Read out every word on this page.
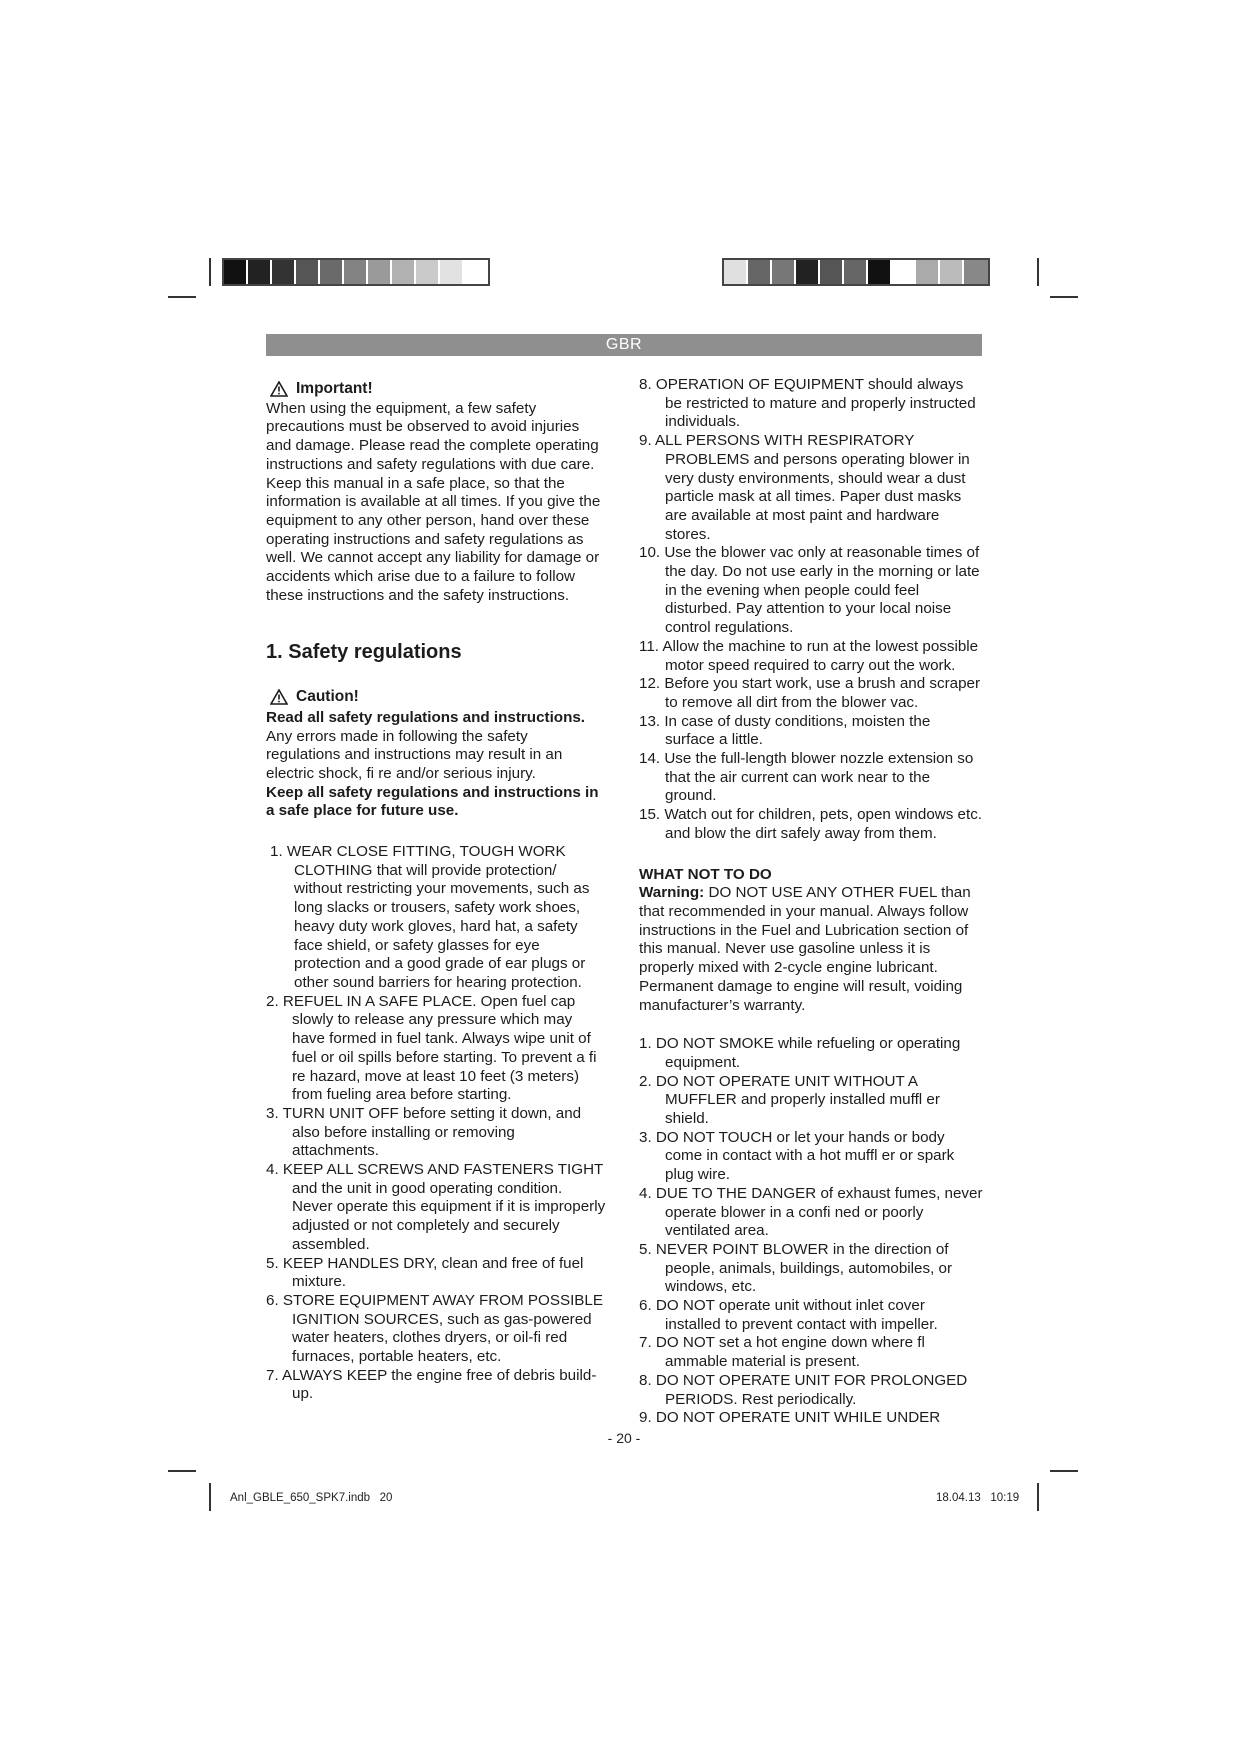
GBR
Important!

When using the equipment, a few safety precautions must be observed to avoid injuries and damage. Please read the complete operating instructions and safety regulations with due care. Keep this manual in a safe place, so that the information is available at all times. If you give the equipment to any other person, hand over these operating instructions and safety regulations as well. We cannot accept any liability for damage or accidents which arise due to a failure to follow these instructions and the safety instructions.

1. Safety regulations
Caution!

Read all safety regulations and instructions.

Any errors made in following the safety regulations and instructions may result in an electric shock, fi re and/or serious injury.

Keep all safety regulations and instructions in a safe place for future use.

1. WEAR CLOSE FITTING, TOUGH WORK CLOTHING that will provide protection/ without restricting your movements, such as long slacks or trousers, safety work shoes, heavy duty work gloves, hard hat, a safety face shield, or safety glasses for eye protection and a good grade of ear plugs or other sound barriers for hearing protection.
2. REFUEL IN A SAFE PLACE. Open fuel cap slowly to release any pressure which may have formed in fuel tank. Always wipe unit of fuel or oil spills before starting. To prevent a fi re hazard, move at least 10 feet (3 meters) from fueling area before starting.
3. TURN UNIT OFF before setting it down, and also before installing or removing attachments.
4. KEEP ALL SCREWS AND FASTENERS TIGHT and the unit in good operating condition. Never operate this equipment if it is improperly adjusted or not completely and securely assembled.
5. KEEP HANDLES DRY, clean and free of fuel mixture.
6. STORE EQUIPMENT AWAY FROM POSSIBLE IGNITION SOURCES, such as gas-powered water heaters, clothes dryers, or oil-fi red furnaces, portable heaters, etc.
7. ALWAYS KEEP the engine free of debris build-up.
8. OPERATION OF EQUIPMENT should always be restricted to mature and properly instructed individuals.
9. ALL PERSONS WITH RESPIRATORY PROBLEMS and persons operating blower in very dusty environments, should wear a dust particle mask at all times. Paper dust masks are available at most paint and hardware stores.
10. Use the blower vac only at reasonable times of the day. Do not use early in the morning or late in the evening when people could feel disturbed. Pay attention to your local noise control regulations.
11. Allow the machine to run at the lowest possible motor speed required to carry out the work.
12. Before you start work, use a brush and scraper to remove all dirt from the blower vac.
13. In case of dusty conditions, moisten the surface a little.
14. Use the full-length blower nozzle extension so that the air current can work near to the ground.
15. Watch out for children, pets, open windows etc. and blow the dirt safely away from them.

WHAT NOT TO DO

Warning: DO NOT USE ANY OTHER FUEL than that recommended in your manual. Always follow instructions in the Fuel and Lubrication section of this manual. Never use gasoline unless it is properly mixed with 2-cycle engine lubricant. Permanent damage to engine will result, voiding manufacturer’s warranty.

1. DO NOT SMOKE while refueling or operating equipment.
2. DO NOT OPERATE UNIT WITHOUT A MUFFLER and properly installed muffl er shield.
3. DO NOT TOUCH or let your hands or body come in contact with a hot muffl er or spark plug wire.
4. DUE TO THE DANGER of exhaust fumes, never operate blower in a confi ned or poorly ventilated area.
5. NEVER POINT BLOWER in the direction of people, animals, buildings, automobiles, or windows, etc.
6. DO NOT operate unit without inlet cover installed to prevent contact with impeller.
7. DO NOT set a hot engine down where fl ammable material is present.
8. DO NOT OPERATE UNIT FOR PROLONGED PERIODS. Rest periodically.
9. DO NOT OPERATE UNIT WHILE UNDER
- 20 -
Anl_GBLE_650_SPK7.indb   20	18.04.13   10:19
